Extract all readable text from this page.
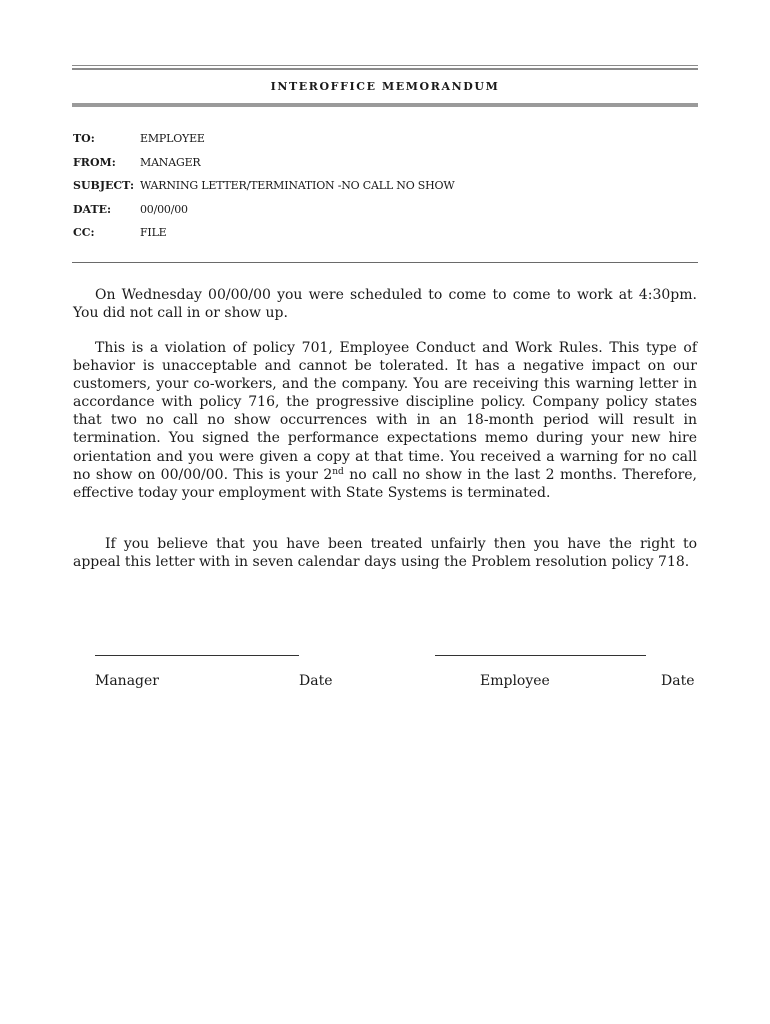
INTEROFFICE MEMORANDUM
TO:	EMPLOYEE
FROM:	MANAGER
SUBJECT: WARNING LETTER/TERMINATION -NO CALL NO SHOW
DATE:	00/00/00
CC:	FILE
On Wednesday 00/00/00 you were scheduled to come to come to work at 4:30pm. You did not call in or show up.
This is a violation of policy 701, Employee Conduct and Work Rules. This type of behavior is unacceptable and cannot be tolerated. It has a negative impact on our customers, your co-workers, and the company. You are receiving this warning letter in accordance with policy 716, the progressive discipline policy. Company policy states that two no call no show occurrences with in an 18-month period will result in termination. You signed the performance expectations memo during your new hire orientation and you were given a copy at that time. You received a warning for no call no show on 00/00/00. This is your 2nd no call no show in the last 2 months. Therefore, effective today your employment with State Systems is terminated.
If you believe that you have been treated unfairly then you have the right to appeal this letter with in seven calendar days using the Problem resolution policy 718.
Manager	Date	Employee	Date
